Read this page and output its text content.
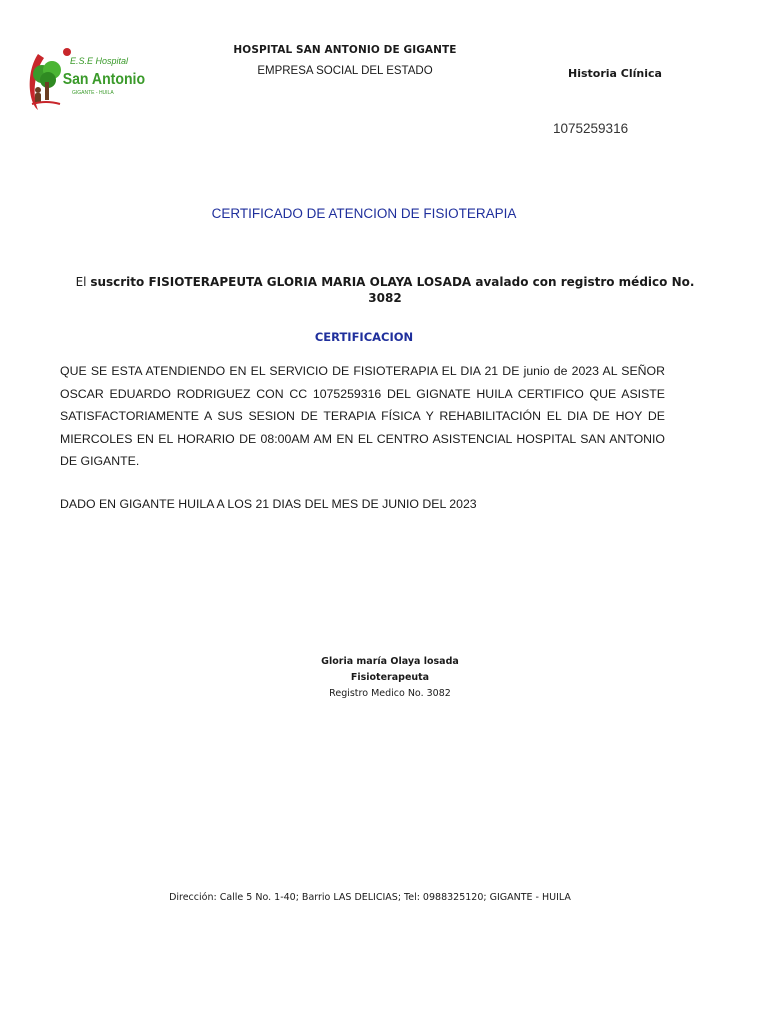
E.S.E Hospital
San Antonio
GIGANTE - HUILA
HOSPITAL SAN ANTONIO DE GIGANTE
EMPRESA SOCIAL DEL ESTADO	Historia Clínica
1075259316
CERTIFICADO DE ATENCION DE FISIOTERAPIA
El suscrito FISIOTERAPEUTA GLORIA MARIA OLAYA LOSADA avalado con registro médico No. 3082
CERTIFICACION
QUE SE ESTA ATENDIENDO EN EL SERVICIO DE FISIOTERAPIA EL DIA 21 DE junio de 2023 AL SEÑOR OSCAR EDUARDO RODRIGUEZ CON CC 1075259316 DEL GIGNATE HUILA CERTIFICO QUE ASISTE SATISFACTORIAMENTE A SUS SESION DE TERAPIA FÍSICA Y REHABILITACIÓN EL DIA DE HOY DE MIERCOLES EN EL HORARIO DE 08:00AM AM EN EL CENTRO ASISTENCIAL HOSPITAL SAN ANTONIO DE GIGANTE.
DADO EN GIGANTE HUILA A LOS 21 DIAS DEL MES DE JUNIO DEL 2023
Gloria maría Olaya losada
Fisioterapeuta
Registro Medico No. 3082
Dirección: Calle 5 No. 1-40; Barrio LAS DELICIAS; Tel: 0988325120; GIGANTE - HUILA
